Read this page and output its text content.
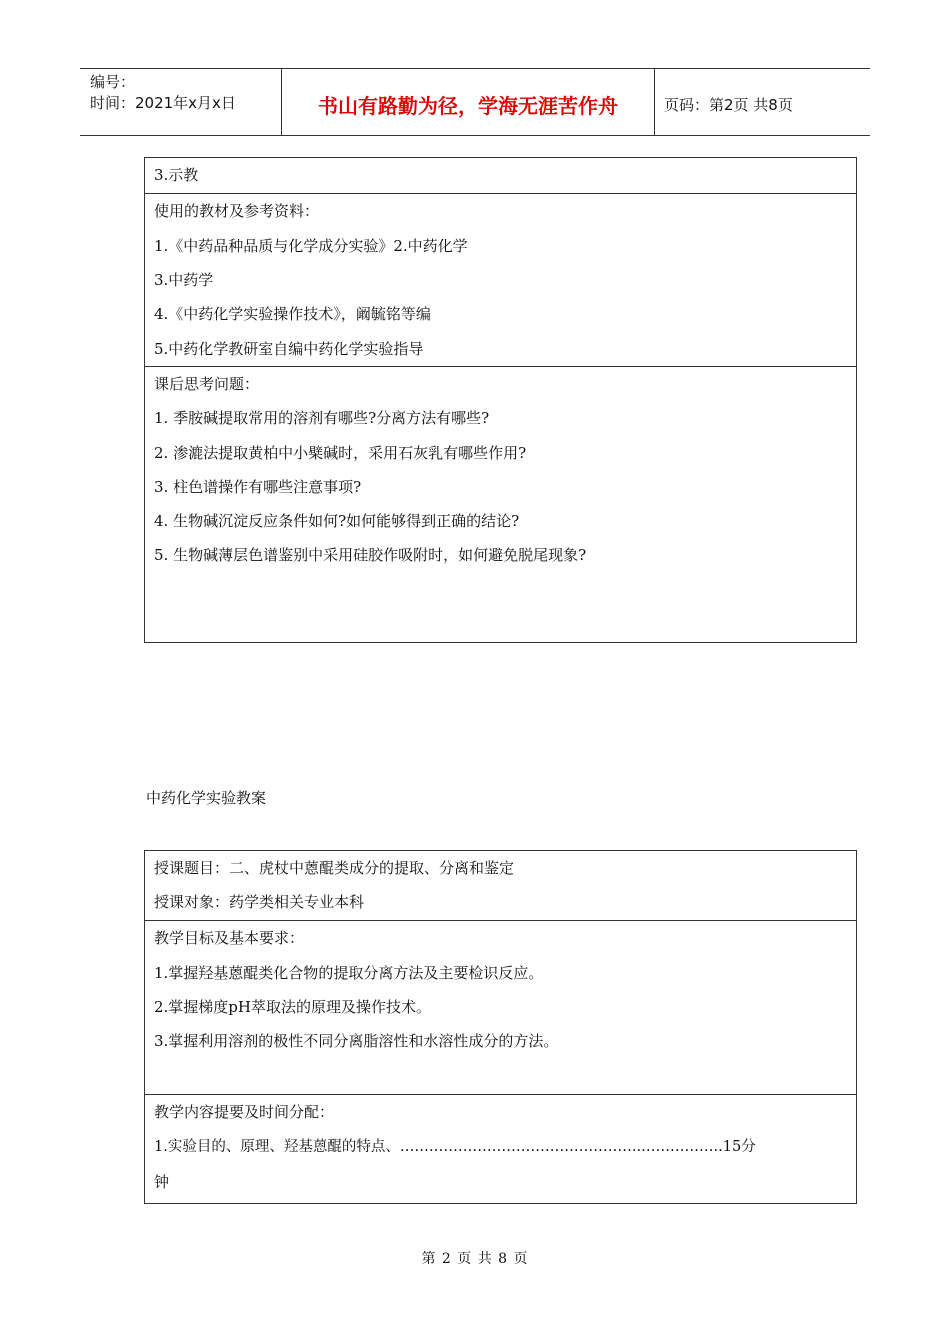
编号：
时间：2021年x月x日	书山有路勤为径，学海无涯苦作舟	页码：第2页 共8页
3.示教
使用的教材及参考资料：
1.《中药品种品质与化学成分实验》2.中药化学
3.中药学
4.《中药化学实验操作技术》，阚毓铭等编
5.中药化学教研室自编中药化学实验指导
课后思考问题：
1. 季胺碱提取常用的溶剂有哪些?分离方法有哪些?
2. 渗漉法提取黄柏中小檗碱时，采用石灰乳有哪些作用?
3. 柱色谱操作有哪些注意事项?
4. 生物碱沉淀反应条件如何?如何能够得到正确的结论?
5. 生物碱薄层色谱鉴别中采用硅胶作吸附时，如何避免脱尾现象?
中药化学实验教案
授课题目：二、虎杖中蒽醌类成分的提取、分离和鉴定
授课对象：药学类相关专业本科
教学目标及基本要求：
1.掌握羟基蒽醌类化合物的提取分离方法及主要检识反应。
2.掌握梯度pH萃取法的原理及操作技术。
3.掌握利用溶剂的极性不同分离脂溶性和水溶性成分的方法。
教学内容提要及时间分配：
1.实验目的、原理、羟基蒽醌的特点、…………………………………………..……………..15分
钟
第 2 页 共 8 页
